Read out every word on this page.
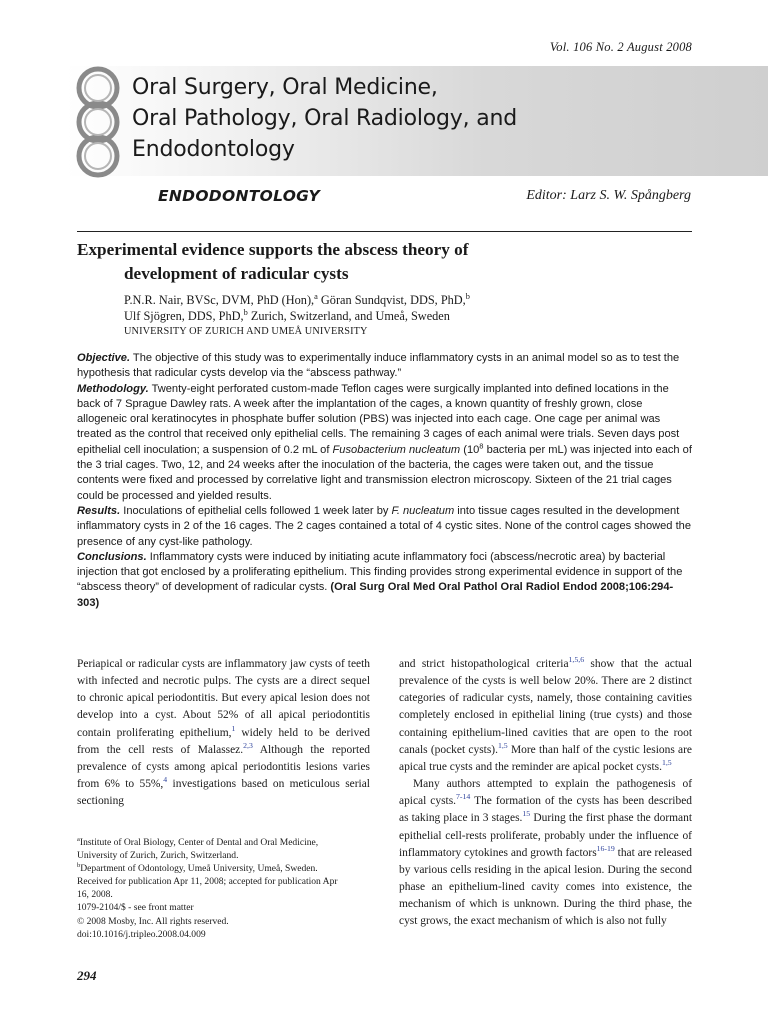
Vol. 106 No. 2 August 2008
Oral Surgery, Oral Medicine,
Oral Pathology, Oral Radiology, and
Endodontology
ENDODONTOLOGY	Editor: Larz S. W. Spångberg
Experimental evidence supports the abscess theory of
development of radicular cysts
P.N.R. Nair, BVSc, DVM, PhD (Hon),$^a$ Göran Sundqvist, DDS, PhD,$^b$
Ulf Sjögren, DDS, PhD,$^b$ Zurich, Switzerland, and Umeå, Sweden
UNIVERSITY OF ZURICH AND UMEÅ UNIVERSITY

Objective. The objective of this study was to experimentally induce inflammatory cysts in an animal model so as to test the hypothesis that radicular cysts develop via the “abscess pathway.”

Methodology. Twenty-eight perforated custom-made Teflon cages were surgically implanted into defined locations in the back of 7 Sprague Dawley rats. A week after the implantation of the cages, a known quantity of freshly grown, close allogeneic oral keratinocytes in phosphate buffer solution (PBS) was injected into each cage. One cage per animal was treated as the control that received only epithelial cells. The remaining 3 cages of each animal were trials. Seven days post epithelial cell inoculation; a suspension of 0.2 mL of Fusobacterium nucleatum ($10^8$ bacteria per mL) was injected into each of the 3 trial cages. Two, 12, and 24 weeks after the inoculation of the bacteria, the cages were taken out, and the tissue contents were fixed and processed by correlative light and transmission electron microscopy. Sixteen of the 21 trial cages could be processed and yielded results.

Results. Inoculations of epithelial cells followed 1 week later by F. nucleatum into tissue cages resulted in the development inflammatory cysts in 2 of the 16 cages. The 2 cages contained a total of 4 cystic sites. None of the control cages showed the presence of any cyst-like pathology.

Conclusions. Inflammatory cysts were induced by initiating acute inflammatory foci (abscess/necrotic area) by bacterial injection that got enclosed by a proliferating epithelium. This finding provides strong experimental evidence in support of the “abscess theory” of development of radicular cysts. (Oral Surg Oral Med Oral Pathol Oral Radiol Endod 2008;106:294-303)

Periapical or radicular cysts are inflammatory jaw cysts of teeth with infected and necrotic pulps. The cysts are a direct sequel to chronic apical periodontitis. But every apical lesion does not develop into a cyst. About 52% of all apical periodontitis contain proliferating epithelium,$^1$ widely held to be derived from the cell rests of Malassez.$^{2,3}$ Although the reported prevalence of cysts among apical periodontitis lesions varies from 6% to 55%,$^4$ investigations based on meticulous serial sectioning

and strict histopathological criteria$^{1,5,6}$ show that the actual prevalence of the cysts is well below 20%. There are 2 distinct categories of radicular cysts, namely, those containing cavities completely enclosed in epithelial lining (true cysts) and those containing epithelium-lined cavities that are open to the root canals (pocket cysts).$^{1,5}$ More than half of the cystic lesions are apical true cysts and the reminder are apical pocket cysts.$^{1,5}$

Many authors attempted to explain the pathogenesis of apical cysts.$^{7-14}$ The formation of the cysts has been described as taking place in 3 stages.$^{15}$ During the first phase the dormant epithelial cell-rests proliferate, probably under the influence of inflammatory cytokines and growth factors$^{16-19}$ that are released by various cells residing in the apical lesion. During the second phase an epithelium-lined cavity comes into existence, the mechanism of which is unknown. During the third phase, the cyst grows, the exact mechanism of which is also not fully

$^a$Institute of Oral Biology, Center of Dental and Oral Medicine,
University of Zurich, Zurich, Switzerland.
$^b$Department of Odontology, Umeå University, Umeå, Sweden.
Received for publication Apr 11, 2008; accepted for publication Apr
16, 2008.
1079-2104/$ - see front matter
© 2008 Mosby, Inc. All rights reserved.
doi:10.1016/j.tripleo.2008.04.009
294
